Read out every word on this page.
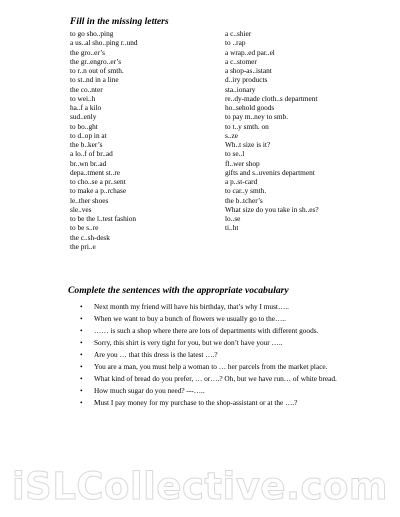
Fill in the missing letters
to go sho..ping
a us..al sho..ping r..und
the gro..er’s
the gr..engro..er’s
to r..n out of smth.
to st..nd in a line
the co..nter
to wei..h
ha..f a kilo
sud..enly
to bo..ght
to d..op in at
the b..ker’s
a lo..f of br..ad
br..wn br..ad
depa..tment st..re
to cho..se a pr..sent
to make a p..rchase
le..ther shoes
sle..ves
to be the l..test fashion
to be s..re
the c..sh-desk
the pri..e
a c..shier
to ..rap
a wrap..ed par..el
a c..stomer
a shop-as..istant
d..iry products
sta..ionary
re..dy-made cloth..s department
ho..sehold goods
to pay m..ney to smb.
to t..y smth. on
s..ze
Wh..t size is it?
to se..l
fl..wer shop
gifts and s..uvenirs department
a p..st-card
to car..y smth.
the b..tcher’s
What size do you take in sh..es?
lo..se
ti..ht
Complete the sentences with the appropriate vocabulary
• Next month my friend will have his birthday, that’s why I must…..
• When we want to buy a bunch of flowers we usually go to the…..
• …… is such a shop where there are lots of departments with different goods.
• Sorry, this shirt is very tight for you, but we don’t have your …..
• Are you … that this dress is the latest ….?
• You are a man, you must help a woman to … her parcels from the market place.
• What kind of bread do you prefer, … or….? Oh, but we have run… of white bread.
• How much sugar do you need? ---…..
• Must I pay money for my purchase to the shop-assistant or at the ….?
iSLCollective.com
